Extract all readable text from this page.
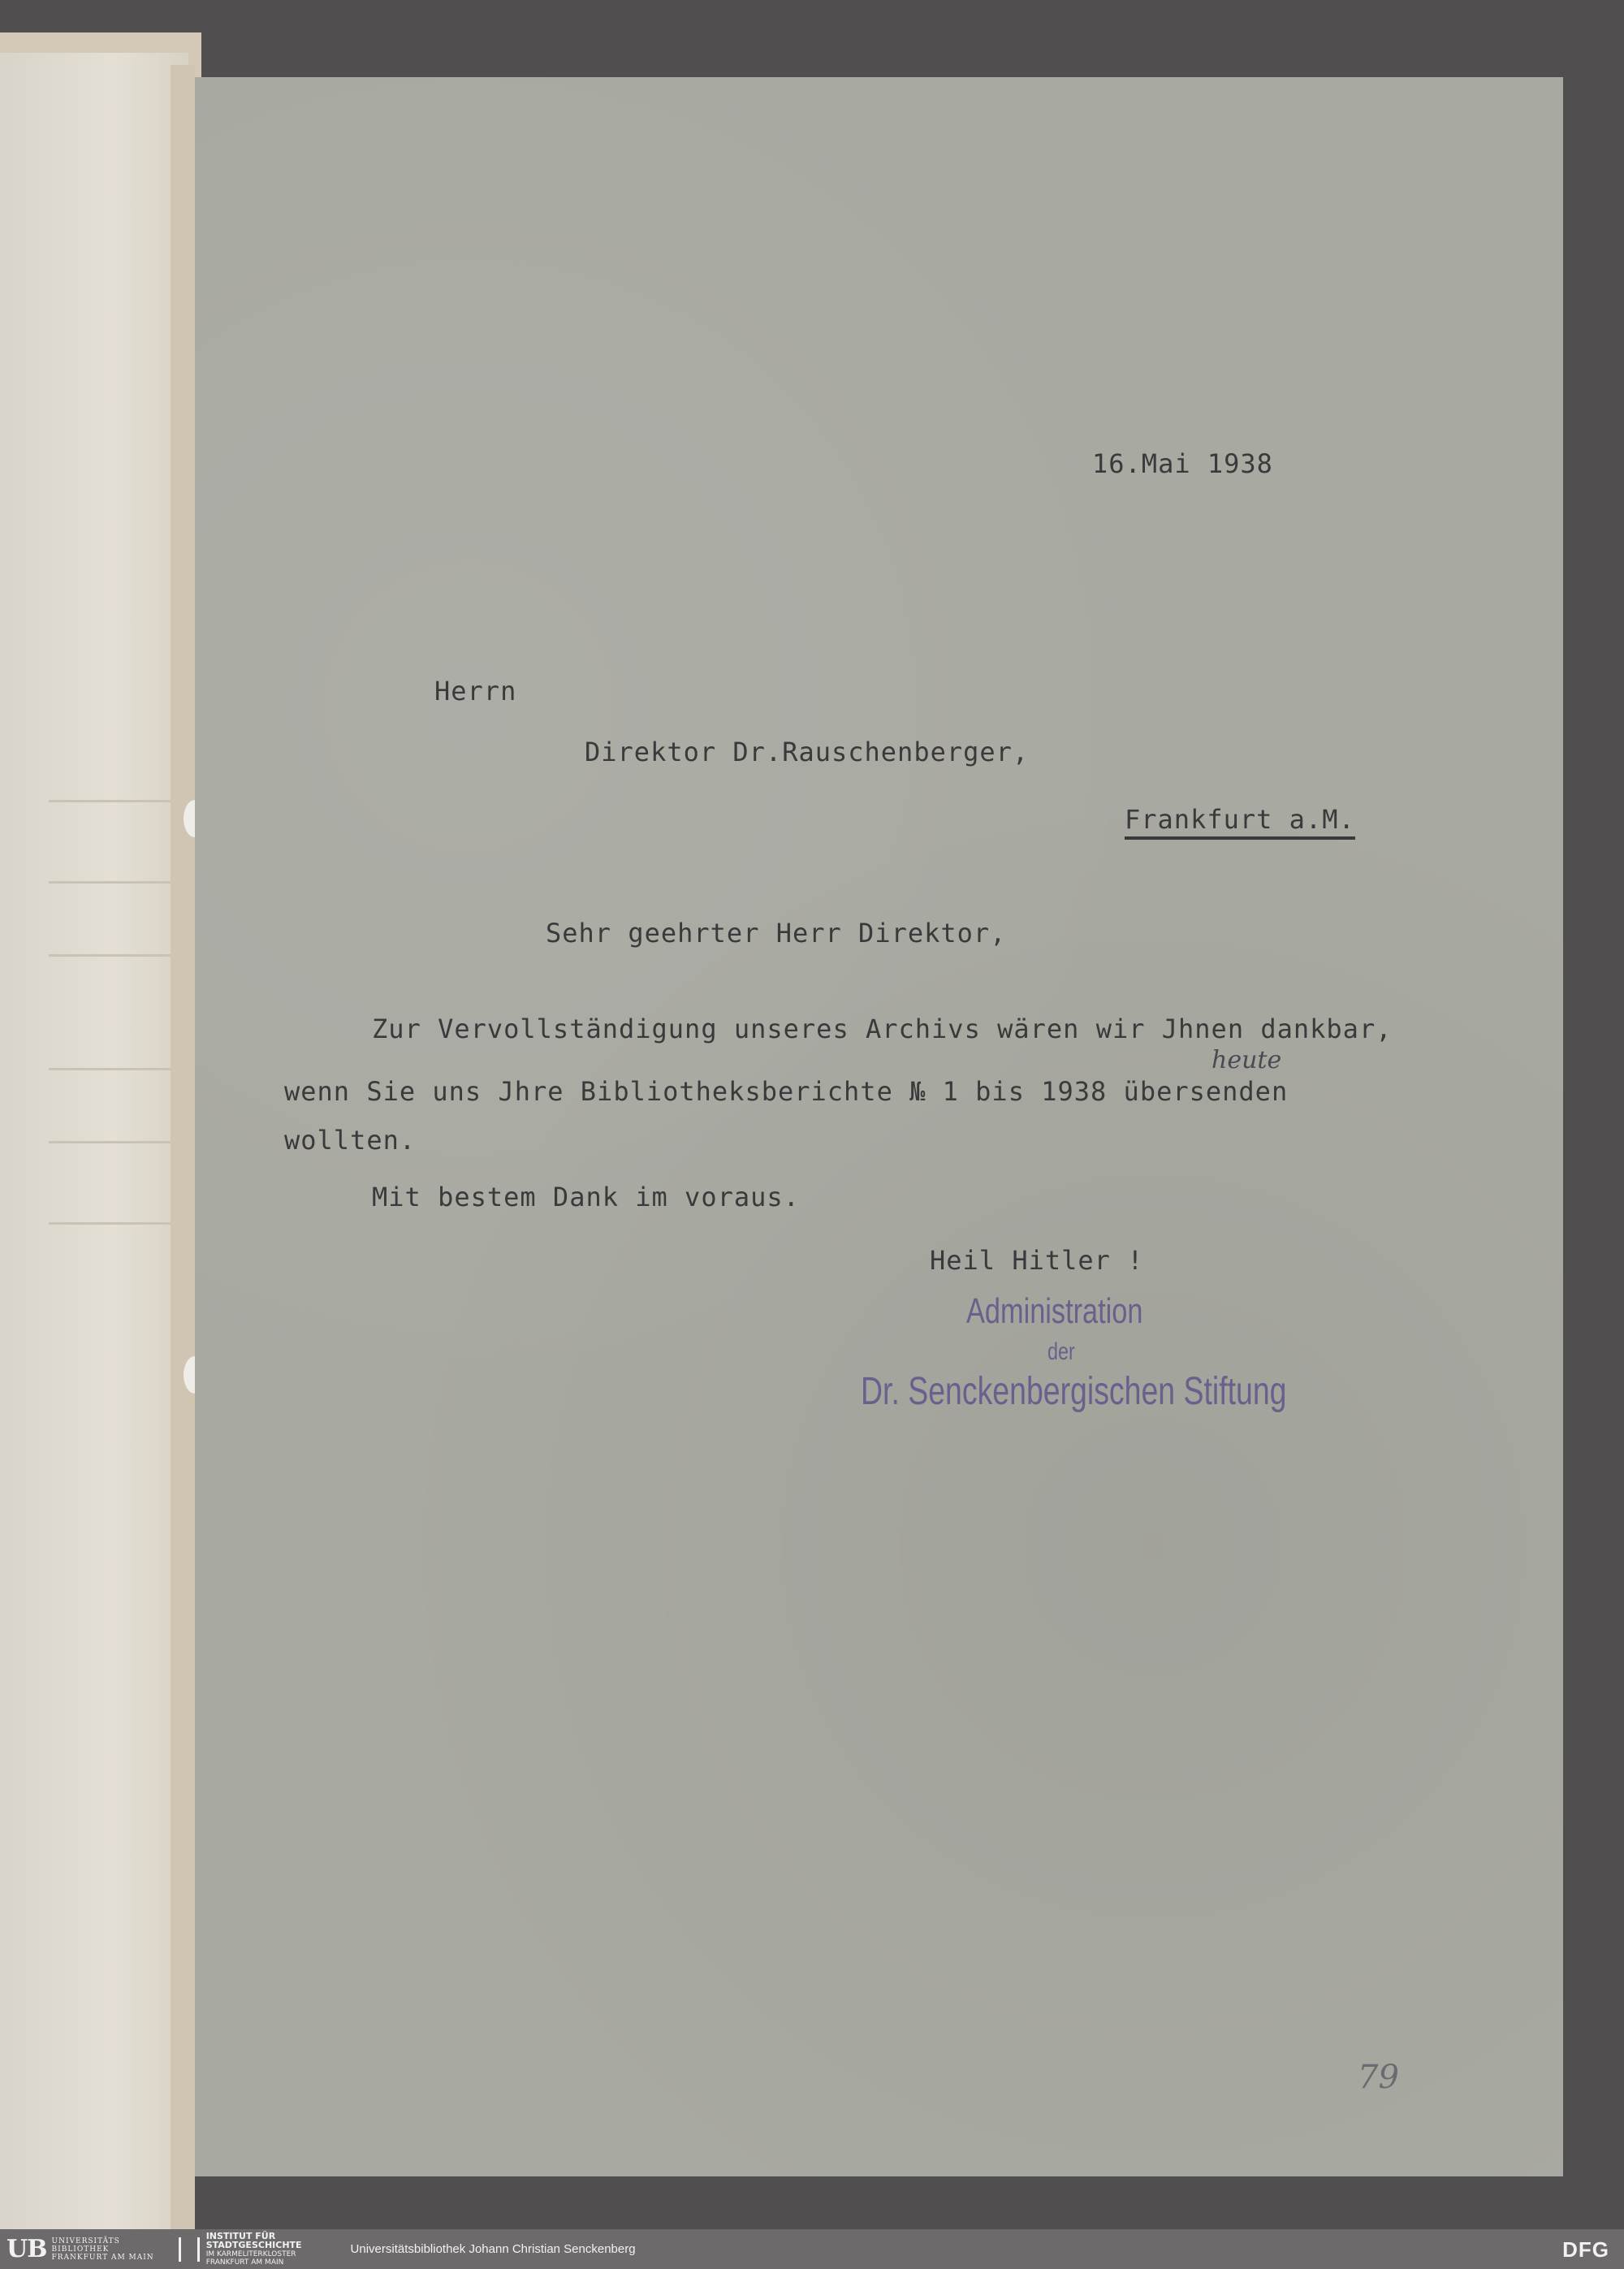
16.Mai 1938
Herrn
Direktor Dr.Rauschenberger,
Frankfurt a.M.
Sehr geehrter Herr Direktor,
heute
Zur Vervollständigung unseres Archivs wären wir Jhnen dankbar,
wenn Sie uns Jhre Bibliotheksberichte № 1 bis 1938 übersenden
wollten.
Mit bestem Dank im voraus.
Heil Hitler !
Administration
der
Dr. Senckenbergischen Stiftung
79
UB UNIVERSITÄTS
BIBLIOTHEK
FRANKFURT AM MAIN
INSTITUT FÜR
STADTGESCHICHTE
IM KARMELITERKLOSTER
FRANKFURT AM MAIN
Universitätsbibliothek Johann Christian Senckenberg	DFG
